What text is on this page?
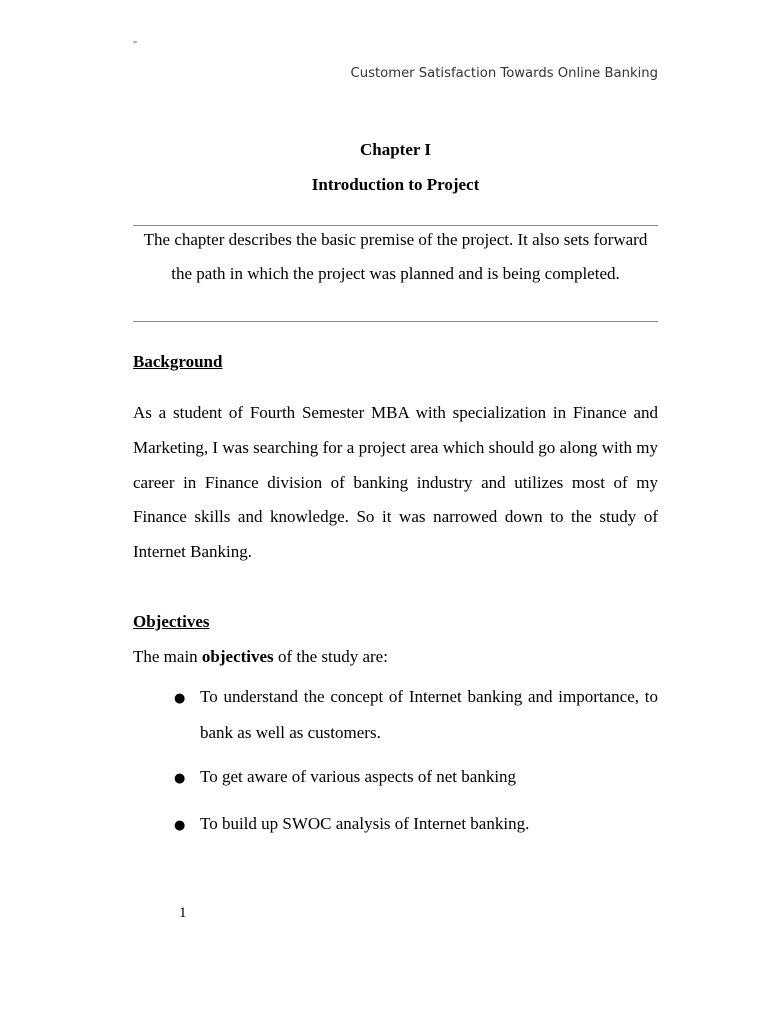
"
Customer Satisfaction Towards Online Banking
Chapter I
Introduction to Project

The chapter describes the basic premise of the project. It also sets forward the path in which the project was planned and is being completed.

Background

As a student of Fourth Semester MBA with specialization in Finance and Marketing, I was searching for a project area which should go along with my career in Finance division of banking industry and utilizes most of my Finance skills and knowledge. So it was narrowed down to the study of Internet Banking.

Objectives

The main objectives of the study are:

● To understand the concept of Internet banking and importance, to bank as well as customers.
● To get aware of various aspects of net banking
● To build up SWOC analysis of Internet banking.
1
